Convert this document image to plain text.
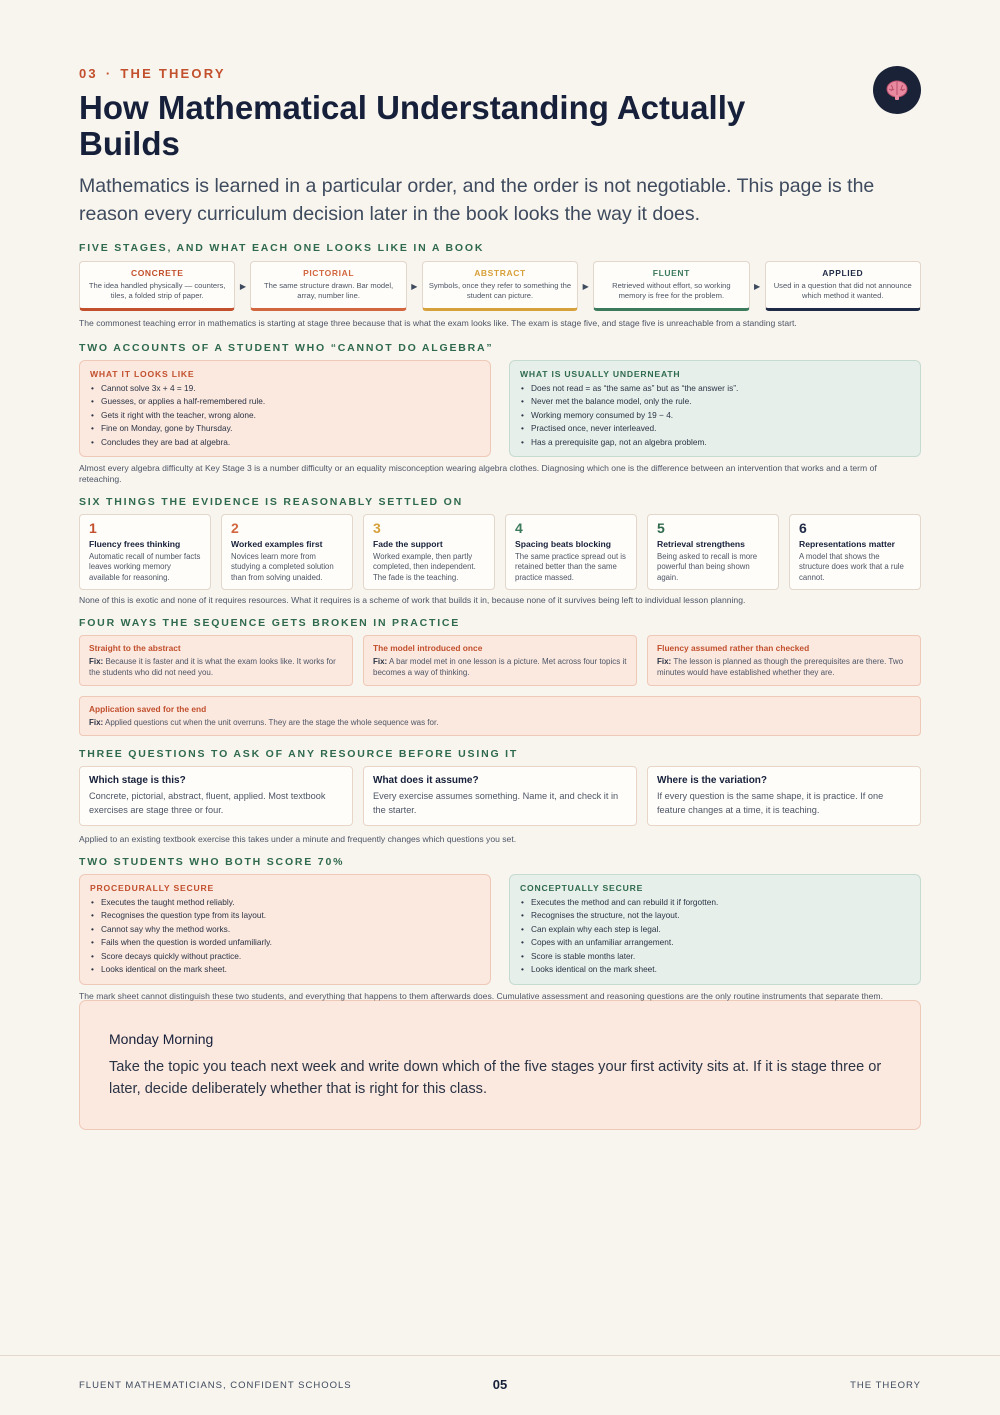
03 · THE THEORY
How Mathematical Understanding Actually Builds
Mathematics is learned in a particular order, and the order is not negotiable. This page is the reason every curriculum decision later in the book looks the way it does.
FIVE STAGES, AND WHAT EACH ONE LOOKS LIKE IN A BOOK
CONCRETE
The idea handled physically — counters, tiles, a folded strip of paper.
▶
PICTORIAL
The same structure drawn. Bar model, array, number line.
▶
ABSTRACT
Symbols, once they refer to something the student can picture.
▶
FLUENT
Retrieved without effort, so working memory is free for the problem.
▶
APPLIED
Used in a question that did not announce which method it wanted.
The commonest teaching error in mathematics is starting at stage three because that is what the exam looks like. The exam is stage five, and stage five is unreachable from a standing start.
TWO ACCOUNTS OF A STUDENT WHO “CANNOT DO ALGEBRA”
WHAT IT LOOKS LIKE
• Cannot solve 3x + 4 = 19.
• Guesses, or applies a half-remembered rule.
• Gets it right with the teacher, wrong alone.
• Fine on Monday, gone by Thursday.
• Concludes they are bad at algebra.
WHAT IS USUALLY UNDERNEATH
• Does not read = as “the same as” but as “the answer is”.
• Never met the balance model, only the rule.
• Working memory consumed by 19 − 4.
• Practised once, never interleaved.
• Has a prerequisite gap, not an algebra problem.
Almost every algebra difficulty at Key Stage 3 is a number difficulty or an equality misconception wearing algebra clothes. Diagnosing which one is the difference between an intervention that works and a term of reteaching.
SIX THINGS THE EVIDENCE IS REASONABLY SETTLED ON
1
Fluency frees thinking
Automatic recall of number facts leaves working memory available for reasoning.
2
Worked examples first
Novices learn more from studying a completed solution than from solving unaided.
3
Fade the support
Worked example, then partly completed, then independent. The fade is the teaching.
4
Spacing beats blocking
The same practice spread out is retained better than the same practice massed.
5
Retrieval strengthens
Being asked to recall is more powerful than being shown again.
6
Representations matter
A model that shows the structure does work that a rule cannot.
None of this is exotic and none of it requires resources. What it requires is a scheme of work that builds it in, because none of it survives being left to individual lesson planning.
FOUR WAYS THE SEQUENCE GETS BROKEN IN PRACTICE
Straight to the abstract
Fix: Because it is faster and it is what the exam looks like. It works for the students who did not need you.
The model introduced once
Fix: A bar model met in one lesson is a picture. Met across four topics it becomes a way of thinking.
Fluency assumed rather than checked
Fix: The lesson is planned as though the prerequisites are there. Two minutes would have established whether they are.
Application saved for the end
Fix: Applied questions cut when the unit overruns. They are the stage the whole sequence was for.
THREE QUESTIONS TO ASK OF ANY RESOURCE BEFORE USING IT
Which stage is this?
Concrete, pictorial, abstract, fluent, applied. Most textbook exercises are stage three or four.
What does it assume?
Every exercise assumes something. Name it, and check it in the starter.
Where is the variation?
If every question is the same shape, it is practice. If one feature changes at a time, it is teaching.
Applied to an existing textbook exercise this takes under a minute and frequently changes which questions you set.
TWO STUDENTS WHO BOTH SCORE 70%
PROCEDURALLY SECURE
• Executes the taught method reliably.
• Recognises the question type from its layout.
• Cannot say why the method works.
• Fails when the question is worded unfamiliarly.
• Score decays quickly without practice.
• Looks identical on the mark sheet.
CONCEPTUALLY SECURE
• Executes the method and can rebuild it if forgotten.
• Recognises the structure, not the layout.
• Can explain why each step is legal.
• Copes with an unfamiliar arrangement.
• Score is stable months later.
• Looks identical on the mark sheet.
The mark sheet cannot distinguish these two students, and everything that happens to them afterwards does. Cumulative assessment and reasoning questions are the only routine instruments that separate them.
Monday Morning
Take the topic you teach next week and write down which of the five stages your first activity sits at. If it is stage three or later, decide deliberately whether that is right for this class.
FLUENT MATHEMATICIANS, CONFIDENT SCHOOLS	05	THE THEORY
